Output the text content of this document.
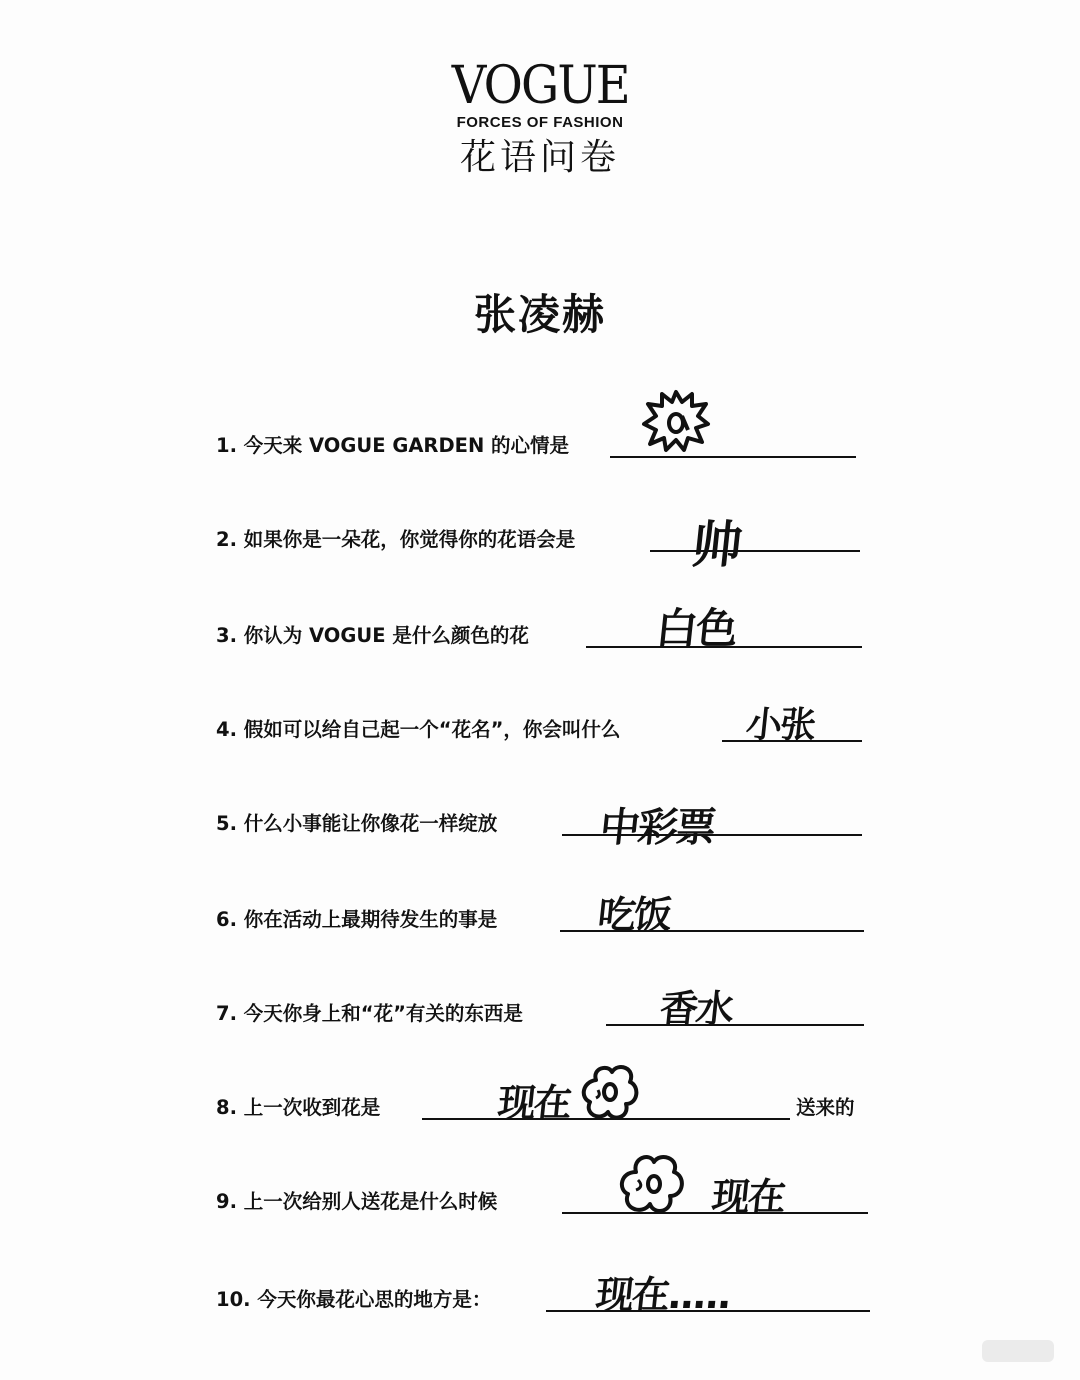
VOGUE
FORCES OF FASHION
花语问卷
张凌赫
1. 今天来 VOGUE GARDEN 的心情是
2. 如果你是一朵花，你觉得你的花语会是 帅
3. 你认为 VOGUE 是什么颜色的花	白色
4. 假如可以给自己起一个“花名”，你会叫什么	小张
5. 什么小事能让你像花一样绽放	中彩票
6. 你在活动上最期待发生的事是	吃饭
7. 今天你身上和“花”有关的东西是	香水
8. 上一次收到花是	现在	送来的
9. 上一次给别人送花是什么时候	现在
10. 今天你最花心思的地方是：	现在.....
